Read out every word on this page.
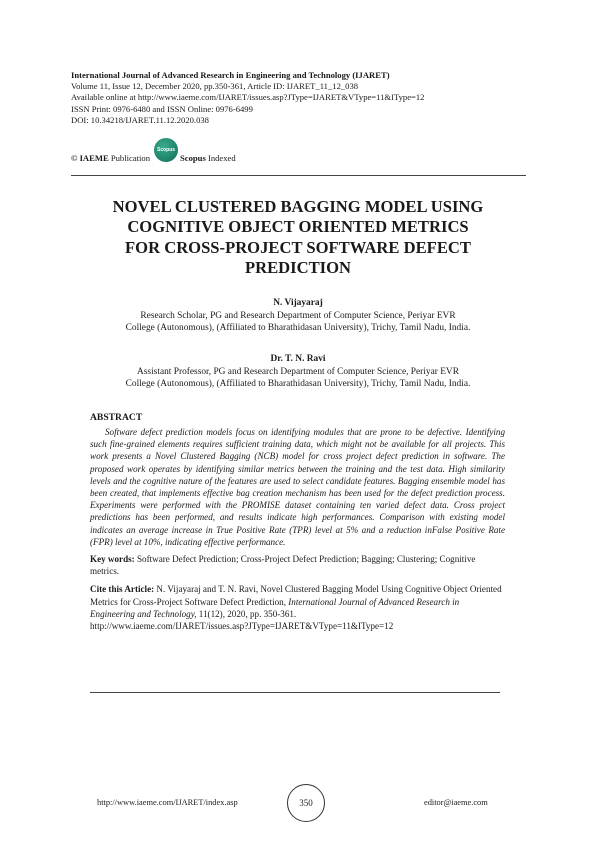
International Journal of Advanced Research in Engineering and Technology (IJARET)
Volume 11, Issue 12, December 2020, pp.350-361, Article ID: IJARET_11_12_038
Available online at http://www.iaeme.com/IJARET/issues.asp?JType=IJARET&VType=11&IType=12
ISSN Print: 0976-6480 and ISSN Online: 0976-6499
DOI: 10.34218/IJARET.11.12.2020.038
© IAEME
Publication
Scopus
Scopus
Indexed
NOVEL CLUSTERED BAGGING MODEL USING
COGNITIVE OBJECT ORIENTED METRICS
FOR CROSS-PROJECT SOFTWARE DEFECT
PREDICTION
N. Vijayaraj
Research Scholar, PG and Research Department of Computer Science, Periyar EVR
College (Autonomous), (Affiliated to Bharathidasan University), Trichy, Tamil Nadu, India.
Dr. T. N. Ravi
Assistant Professor, PG and Research Department of Computer Science, Periyar EVR
College (Autonomous), (Affiliated to Bharathidasan University), Trichy, Tamil Nadu, India.
ABSTRACT
Software defect prediction models focus on identifying modules that are prone to be defective. Identifying such fine-grained elements requires sufficient training data, which might not be available for all projects. This work presents a Novel Clustered Bagging (NCB) model for cross project defect prediction in software. The proposed work operates by identifying similar metrics between the training and the test data. High similarity levels and the cognitive nature of the features are used to select candidate features. Bagging ensemble model has been created, that implements effective bag creation mechanism has been used for the defect prediction process. Experiments were performed with the PROMISE dataset containing ten varied defect data. Cross project predictions has been performed, and results indicate high performances. Comparison with existing model indicates an average increase in True Positive Rate (TPR) level at 5% and a reduction inFalse Positive Rate (FPR) level at 10%, indicating effective performance.
Key words: Software Defect Prediction; Cross-Project Defect Prediction; Bagging; Clustering; Cognitive metrics.
Cite this Article: N. Vijayaraj and T. N. Ravi, Novel Clustered Bagging Model Using Cognitive Object Oriented Metrics for Cross-Project Software Defect Prediction, International Journal of Advanced Research in Engineering and Technology, 11(12), 2020, pp. 350-361.
http://www.iaeme.com/IJARET/issues.asp?JType=IJARET&VType=11&IType=12
http://www.iaeme.com/IJARET/index.asp	350	editor@iaeme.com
